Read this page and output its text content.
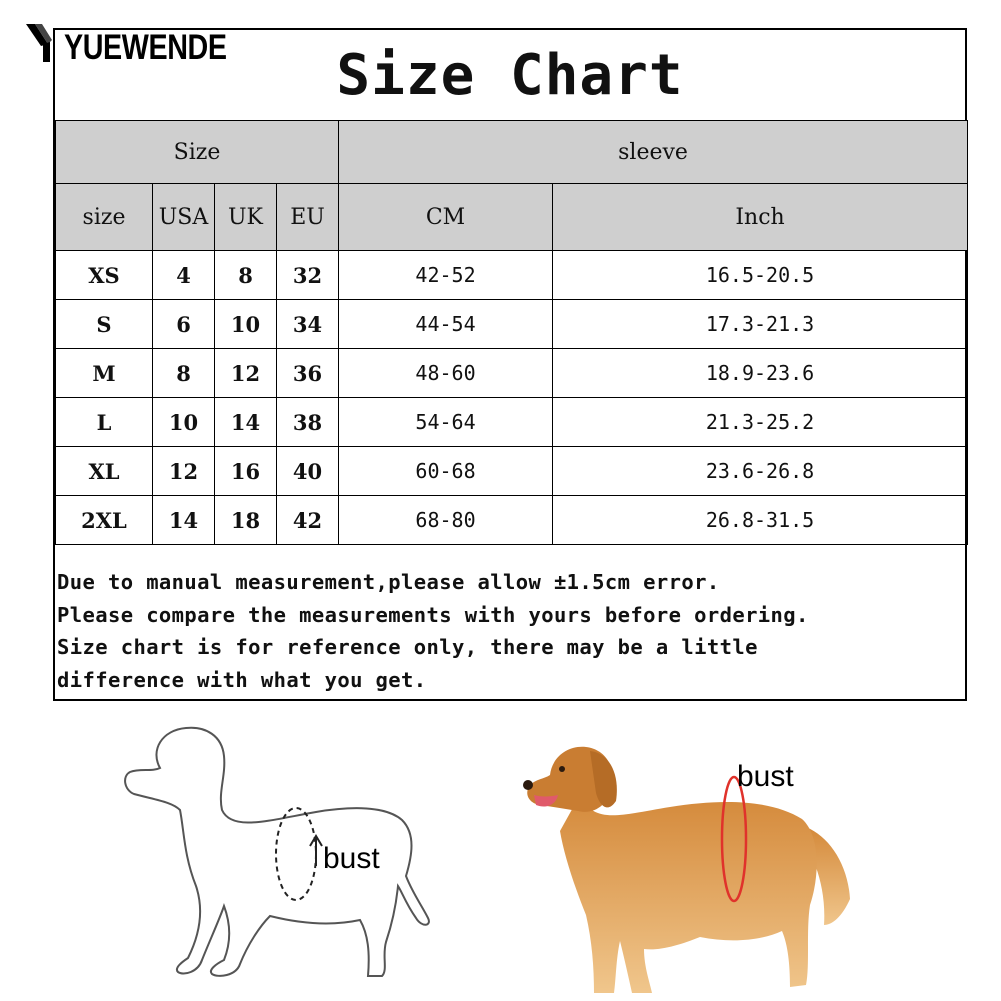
YUEWENDE	Size Chart
Size				sleeve	
size	USA	UK	EU	CM	Inch
XS	4	8	32	42-52	16.5-20.5
S	6	10	34	44-54	17.3-21.3
M	8	12	36	48-60	18.9-23.6
L	10	14	38	54-64	21.3-25.2
XL	12	16	40	60-68	23.6-26.8
2XL	14	18	42	68-80	26.8-31.5
Due to manual measurement,please allow ±1.5cm error.
Please compare the measurements with yours before ordering.
Size chart is for reference only, there may be a little
difference with what you get.
bust
bust
